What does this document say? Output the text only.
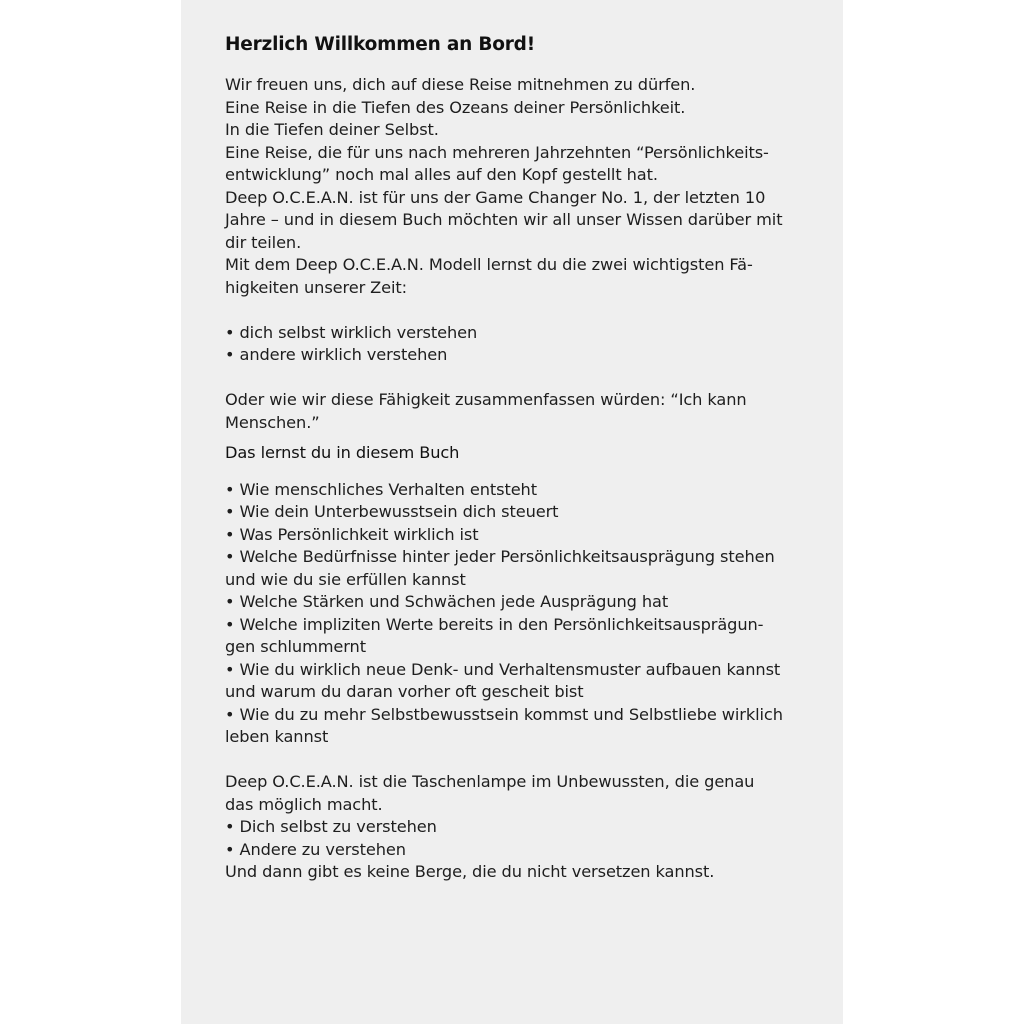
Herzlich Willkommen an Bord!
Wir freuen uns, dich auf diese Reise mitnehmen zu dürfen.
Eine Reise in die Tiefen des Ozeans deiner Persönlichkeit.
In die Tiefen deiner Selbst.
Eine Reise, die für uns nach mehreren Jahrzehnten “Persönlichkeits-
entwicklung” noch mal alles auf den Kopf gestellt hat.
Deep O.C.E.A.N. ist für uns der Game Changer No. 1, der letzten 10
Jahre – und in diesem Buch möchten wir all unser Wissen darüber mit
dir teilen.
Mit dem Deep O.C.E.A.N. Modell lernst du die zwei wichtigsten Fä-
higkeiten unserer Zeit:
• dich selbst wirklich verstehen
• andere wirklich verstehen
Oder wie wir diese Fähigkeit zusammenfassen würden: “Ich kann
Menschen.”
Das lernst du in diesem Buch
• Wie menschliches Verhalten entsteht
• Wie dein Unterbewusstsein dich steuert
• Was Persönlichkeit wirklich ist
• Welche Bedürfnisse hinter jeder Persönlichkeitsausprägung stehen
und wie du sie erfüllen kannst
• Welche Stärken und Schwächen jede Ausprägung hat
• Welche impliziten Werte bereits in den Persönlichkeitsausprägun-
gen schlummernt
• Wie du wirklich neue Denk- und Verhaltensmuster aufbauen kannst
und warum du daran vorher oft gescheit bist
• Wie du zu mehr Selbstbewusstsein kommst und Selbstliebe wirklich
leben kannst
Deep O.C.E.A.N. ist die Taschenlampe im Unbewussten, die genau
das möglich macht.
• Dich selbst zu verstehen
• Andere zu verstehen
Und dann gibt es keine Berge, die du nicht versetzen kannst.
